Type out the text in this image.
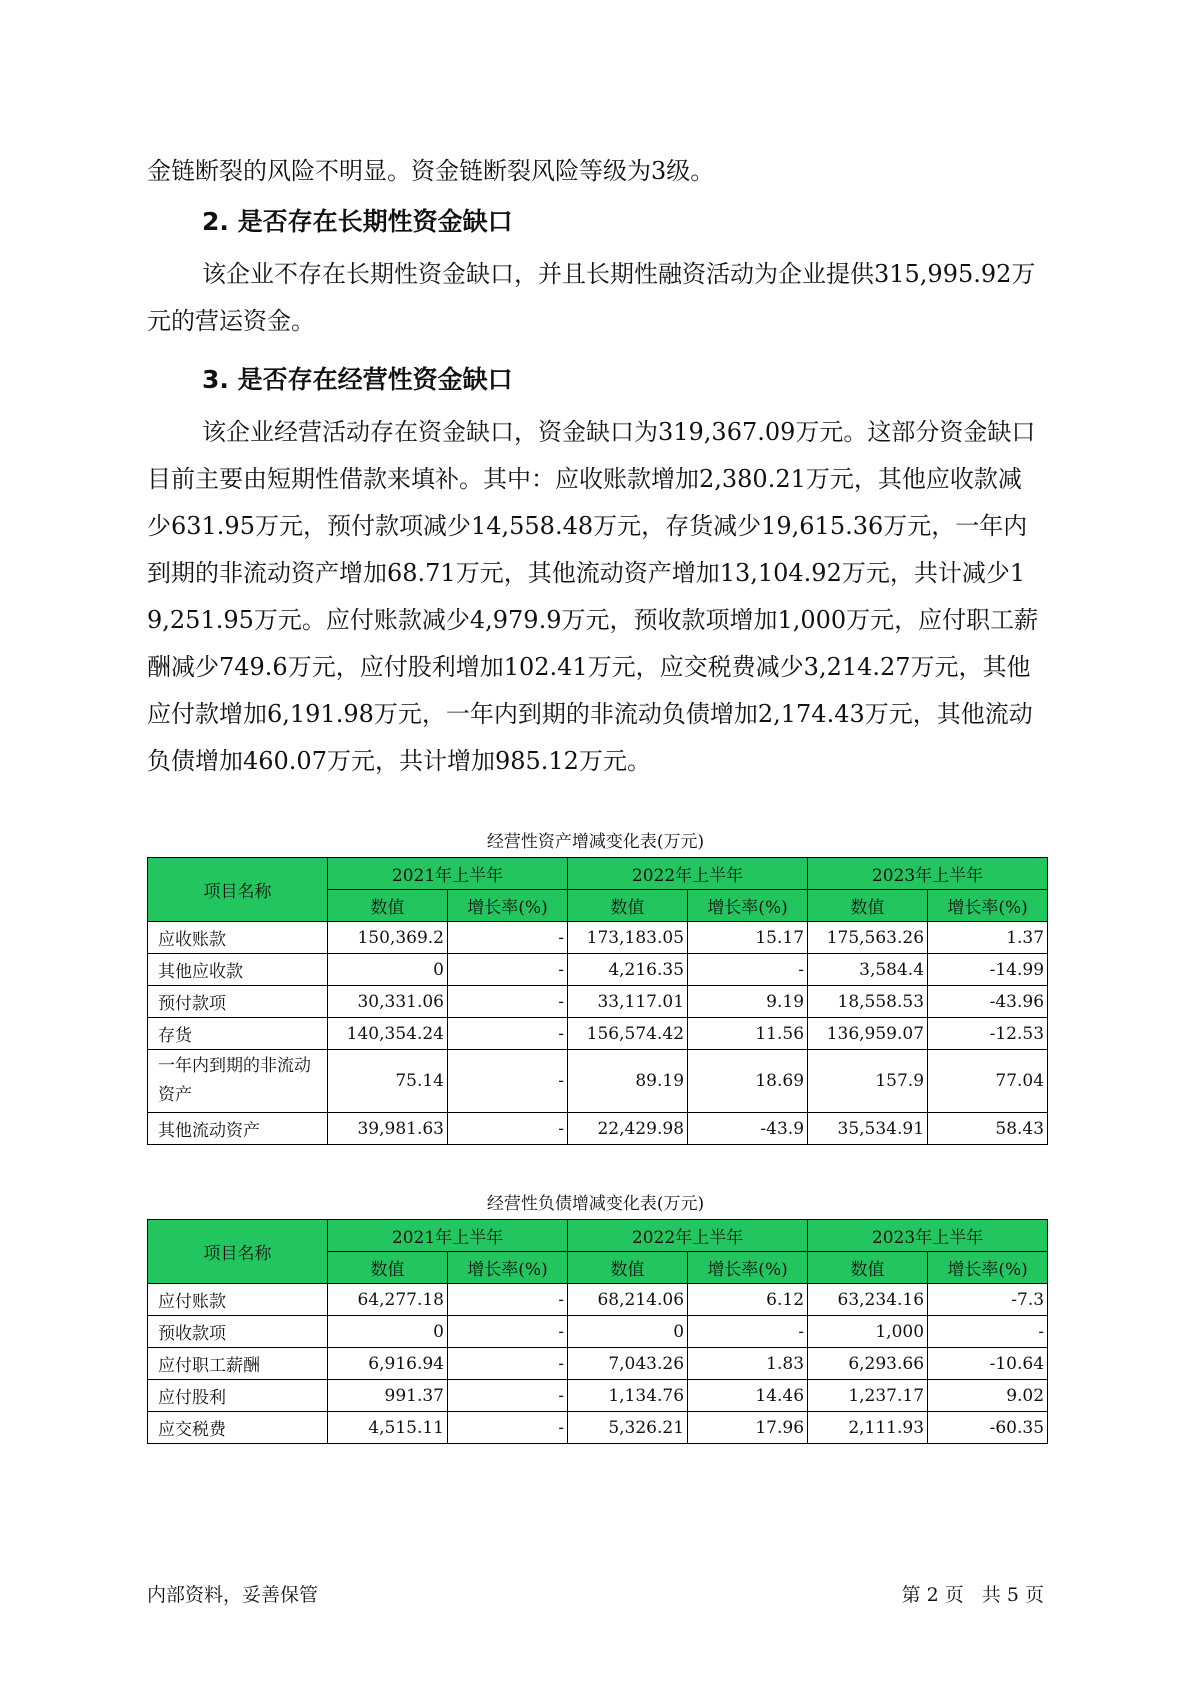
金链断裂的风险不明显。资金链断裂风险等级为3级。

2. 是否存在长期性资金缺口

该企业不存在长期性资金缺口，并且长期性融资活动为企业提供315,995.92万元的营运资金。

3. 是否存在经营性资金缺口

该企业经营活动存在资金缺口，资金缺口为319,367.09万元。这部分资金缺口目前主要由短期性借款来填补。其中：应收账款增加2,380.21万元，其他应收款减少631.95万元，预付款项减少14,558.48万元，存货减少19,615.36万元，一年内到期的非流动资产增加68.71万元，其他流动资产增加13,104.92万元，共计减少19,251.95万元。应付账款减少4,979.9万元，预收款项增加1,000万元，应付职工薪酬减少749.6万元，应付股利增加102.41万元，应交税费减少3,214.27万元，其他应付款增加6,191.98万元，一年内到期的非流动负债增加2,174.43万元，其他流动负债增加460.07万元，共计增加985.12万元。

经营性资产增减变化表(万元)

项目名称	2021年上半年		2022年上半年		2023年上半年	
	数值	增长率(%)	数值	增长率(%)	数值	增长率(%)
应收账款	150,369.2	-	173,183.05	15.17	175,563.26	1.37
其他应收款	0	-	4,216.35	-	3,584.4	-14.99
预付款项	30,331.06	-	33,117.01	9.19	18,558.53	-43.96
存货	140,354.24	-	156,574.42	11.56	136,959.07	-12.53
一年内到期的非流动资产	75.14	-	89.19	18.69	157.9	77.04
其他流动资产	39,981.63	-	22,429.98	-43.9	35,534.91	58.43

经营性负债增减变化表(万元)

项目名称	2021年上半年		2022年上半年		2023年上半年	
	数值	增长率(%)	数值	增长率(%)	数值	增长率(%)
应付账款	64,277.18	-	68,214.06	6.12	63,234.16	-7.3
预收款项	0	-	0	-	1,000	-
应付职工薪酬	6,916.94	-	7,043.26	1.83	6,293.66	-10.64
应付股利	991.37	-	1,134.76	14.46	1,237.17	9.02
应交税费	4,515.11	-	5,326.21	17.96	2,111.93	-60.35
内部资料，妥善保管	第 2 页   共 5 页
